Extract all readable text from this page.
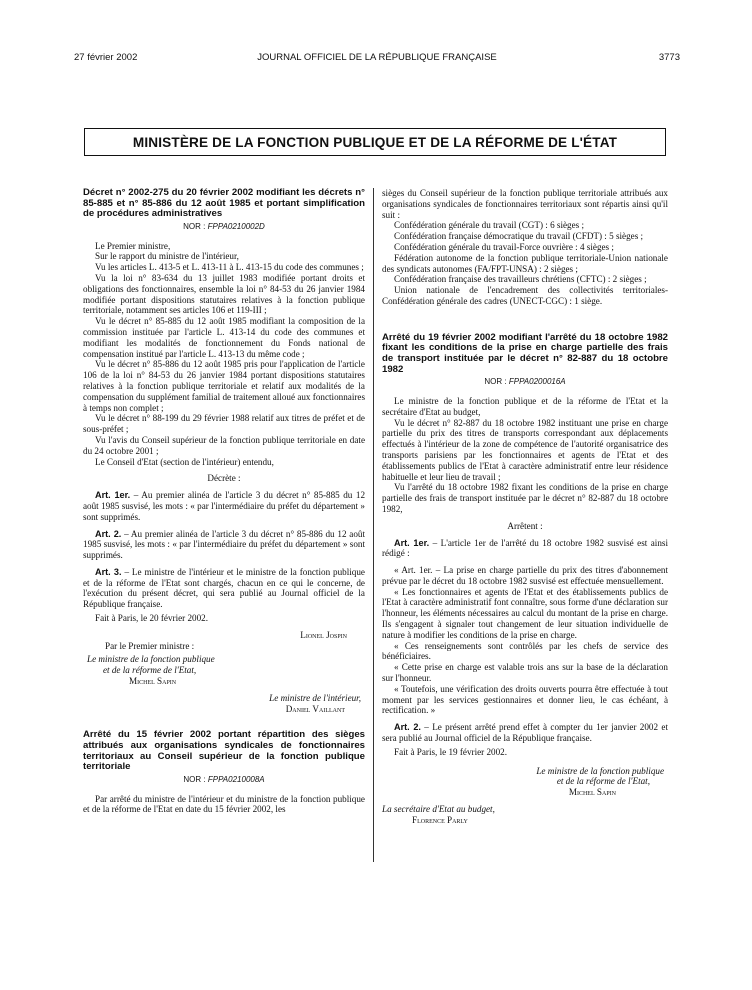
27 février 2002	JOURNAL OFFICIEL DE LA RÉPUBLIQUE FRANÇAISE	3773
MINISTÈRE DE LA FONCTION PUBLIQUE ET DE LA RÉFORME DE L'ÉTAT

Décret n° 2002-275 du 20 février 2002 modifiant les décrets n° 85-885 et n° 85-886 du 12 août 1985 et portant simplification de procédures administratives

NOR : FPPA0210002D

Le Premier ministre,

Sur le rapport du ministre de l'intérieur,

Vu les articles L. 413-5 et L. 413-11 à L. 413-15 du code des communes ;

Vu la loi n° 83-634 du 13 juillet 1983 modifiée portant droits et obligations des fonctionnaires, ensemble la loi n° 84-53 du 26 janvier 1984 modifiée portant dispositions statutaires relatives à la fonction publique territoriale, notamment ses articles 106 et 119-III ;

Vu le décret n° 85-885 du 12 août 1985 modifiant la composition de la commission instituée par l'article L. 413-14 du code des communes et modifiant les modalités de fonctionnement du Fonds national de compensation institué par l'article L. 413-13 du même code ;

Vu le décret n° 85-886 du 12 août 1985 pris pour l'application de l'article 106 de la loi n° 84-53 du 26 janvier 1984 portant dispositions statutaires relatives à la fonction publique territoriale et relatif aux modalités de la compensation du supplément familial de traitement alloué aux fonctionnaires à temps non complet ;

Vu le décret n° 88-199 du 29 février 1988 relatif aux titres de préfet et de sous-préfet ;

Vu l'avis du Conseil supérieur de la fonction publique territoriale en date du 24 octobre 2001 ;

Le Conseil d'Etat (section de l'intérieur) entendu,

Décrète :

Art. 1er. – Au premier alinéa de l'article 3 du décret n° 85-885 du 12 août 1985 susvisé, les mots : « par l'intermédiaire du préfet du département » sont supprimés.

Art. 2. – Au premier alinéa de l'article 3 du décret n° 85-886 du 12 août 1985 susvisé, les mots : « par l'intermédiaire du préfet du département » sont supprimés.

Art. 3. – Le ministre de l'intérieur et le ministre de la fonction publique et de la réforme de l'Etat sont chargés, chacun en ce qui le concerne, de l'exécution du présent décret, qui sera publié au Journal officiel de la République française.

Fait à Paris, le 20 février 2002.

Lionel Jospin

Par le Premier ministre :

Le ministre de la fonction publique

et de la réforme de l'Etat,

Michel Sapin

Le ministre de l'intérieur,

Daniel Vaillant

Arrêté du 15 février 2002 portant répartition des sièges attribués aux organisations syndicales de fonctionnaires territoriaux au Conseil supérieur de la fonction publique territoriale

NOR : FPPA0210008A

Par arrêté du ministre de l'intérieur et du ministre de la fonction publique et de la réforme de l'Etat en date du 15 février 2002, les

sièges du Conseil supérieur de la fonction publique territoriale attribués aux organisations syndicales de fonctionnaires territoriaux sont répartis ainsi qu'il suit :

Confédération générale du travail (CGT) : 6 sièges ;

Confédération française démocratique du travail (CFDT) : 5 sièges ;

Confédération générale du travail-Force ouvrière : 4 sièges ;

Fédération autonome de la fonction publique territoriale-Union nationale des syndicats autonomes (FA/FPT-UNSA) : 2 sièges ;

Confédération française des travailleurs chrétiens (CFTC) : 2 sièges ;

Union nationale de l'encadrement des collectivités territoriales-Confédération générale des cadres (UNECT-CGC) : 1 siège.

Arrêté du 19 février 2002 modifiant l'arrêté du 18 octobre 1982 fixant les conditions de la prise en charge partielle des frais de transport instituée par le décret n° 82-887 du 18 octobre 1982

NOR : FPPA0200016A

Le ministre de la fonction publique et de la réforme de l'Etat et la secrétaire d'Etat au budget,

Vu le décret n° 82-887 du 18 octobre 1982 instituant une prise en charge partielle du prix des titres de transports correspondant aux déplacements effectués à l'intérieur de la zone de compétence de l'autorité organisatrice des transports parisiens par les fonctionnaires et agents de l'Etat et des établissements publics de l'Etat à caractère administratif entre leur résidence habituelle et leur lieu de travail ;

Vu l'arrêté du 18 octobre 1982 fixant les conditions de la prise en charge partielle des frais de transport instituée par le décret n° 82-887 du 18 octobre 1982,

Arrêtent :

Art. 1er. – L'article 1er de l'arrêté du 18 octobre 1982 susvisé est ainsi rédigé :

« Art. 1er. – La prise en charge partielle du prix des titres d'abonnement prévue par le décret du 18 octobre 1982 susvisé est effectuée mensuellement.

« Les fonctionnaires et agents de l'Etat et des établissements publics de l'Etat à caractère administratif font connaître, sous forme d'une déclaration sur l'honneur, les éléments nécessaires au calcul du montant de la prise en charge. Ils s'engagent à signaler tout changement de leur situation individuelle de nature à modifier les conditions de la prise en charge.

« Ces renseignements sont contrôlés par les chefs de service des bénéficiaires.

« Cette prise en charge est valable trois ans sur la base de la déclaration sur l'honneur.

« Toutefois, une vérification des droits ouverts pourra être effectuée à tout moment par les services gestionnaires et donner lieu, le cas échéant, à rectification. »

Art. 2. – Le présent arrêté prend effet à compter du 1er janvier 2002 et sera publié au Journal officiel de la République française.

Fait à Paris, le 19 février 2002.

Le ministre de la fonction publique

et de la réforme de l'Etat,

Michel Sapin

La secrétaire d'Etat au budget,

Florence Parly
